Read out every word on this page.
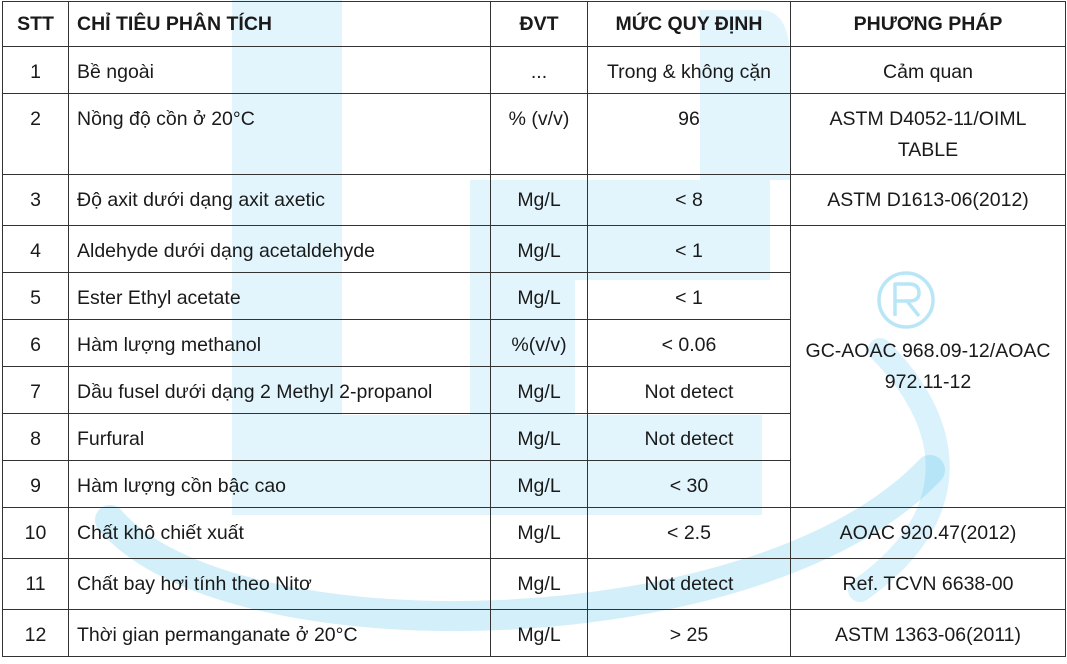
STT	CHỈ TIÊU PHÂN TÍCH	ĐVT	MỨC QUY ĐỊNH	PHƯƠNG PHÁP
1	Bề ngoài	...	Trong & không cặn	Cảm quan
2	Nồng độ cồn ở 20°C	% (v/v)	96	ASTM D4052-11/OIML TABLE
3	Độ axit dưới dạng axit axetic	Mg/L	< 8	ASTM D1613-06(2012)
4	Aldehyde dưới dạng acetaldehyde	Mg/L	< 1	GC-AOAC 968.09-12/AOAC 972.11-12
5	Ester Ethyl acetate	Mg/L	< 1	
6	Hàm lượng methanol	%(v/v)	< 0.06	
7	Dầu fusel dưới dạng 2 Methyl 2-propanol	Mg/L	Not detect	
8	Furfural	Mg/L	Not detect	
9	Hàm lượng cồn bậc cao	Mg/L	< 30	
10	Chất khô chiết xuất	Mg/L	< 2.5	AOAC 920.47(2012)
11	Chất bay hơi tính theo Nitơ	Mg/L	Not detect	Ref. TCVN 6638-00
12	Thời gian permanganate ở 20°C	Mg/L	> 25	ASTM 1363-06(2011)
